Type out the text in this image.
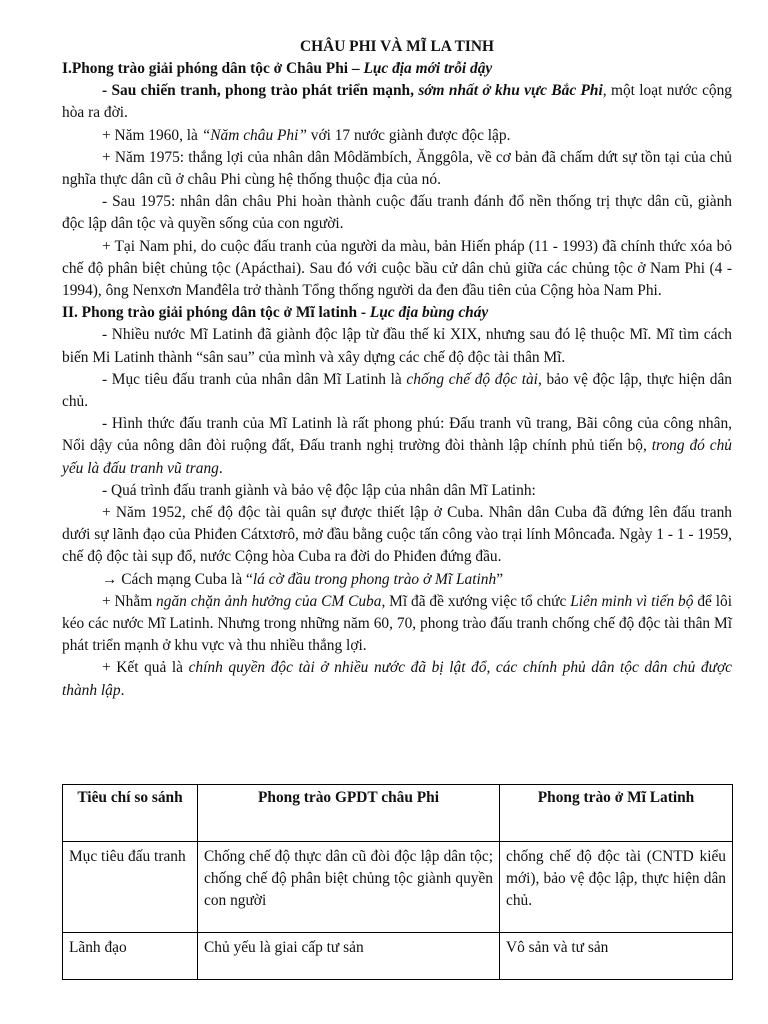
CHÂU PHI VÀ MĨ LA TINH

I.Phong trào giải phóng dân tộc ở Châu Phi – Lục địa mới trỗi dậy

- Sau chiến tranh, phong trào phát triển mạnh, sớm nhất ở khu vực Bắc Phi, một loạt nước cộng hòa ra đời.

+ Năm 1960, là “Năm châu Phi” với 17 nước giành được độc lập.

+ Năm 1975: thắng lợi của nhân dân Môdămbích, Ănggôla, về cơ bản đã chấm dứt sự tồn tại của chủ nghĩa thực dân cũ ở châu Phi cùng hệ thống thuộc địa của nó.

- Sau 1975: nhân dân châu Phi hoàn thành cuộc đấu tranh đánh đổ nền thống trị thực dân cũ, giành độc lập dân tộc và quyền sống của con người.

+ Tại Nam phi, do cuộc đấu tranh của người da màu, bản Hiến pháp (11 - 1993) đã chính thức xóa bỏ chế độ phân biệt chủng tộc (Apácthai). Sau đó với cuộc bầu cử dân chủ giữa các chủng tộc ở Nam Phi (4 - 1994), ông Nenxơn Manđêla trở thành Tổng thống người da đen đầu tiên của Cộng hòa Nam Phi.

II. Phong trào giải phóng dân tộc ở Mĩ latinh - Lục địa bùng cháy

- Nhiều nước Mĩ Latinh đã giành độc lập từ đầu thế kỉ XIX, nhưng sau đó lệ thuộc Mĩ. Mĩ tìm cách biến Mi Latinh thành “sân sau” của mình và xây dựng các chế độ độc tài thân Mĩ.

- Mục tiêu đấu tranh của nhân dân Mĩ Latinh là chống chế độ độc tài, bảo vệ độc lập, thực hiện dân chủ.

- Hình thức đấu tranh của Mĩ Latinh là rất phong phú: Đấu tranh vũ trang, Bãi công của công nhân, Nổi dậy của nông dân đòi ruộng đất, Đấu tranh nghị trường đòi thành lập chính phủ tiến bộ, trong đó chủ yếu là đấu tranh vũ trang.

- Quá trình đấu tranh giành và bảo vệ độc lập của nhân dân Mĩ Latinh:

+ Năm 1952, chế độ độc tài quân sự được thiết lập ở Cuba. Nhân dân Cuba đã đứng lên đấu tranh dưới sự lãnh đạo của Phiđen Cátxtơrô, mở đầu bằng cuộc tấn công vào trại lính Môncađa. Ngày 1 - 1 - 1959, chế độ độc tài sụp đổ, nước Cộng hòa Cuba ra đời do Phiđen đứng đầu.

→ Cách mạng Cuba là “lá cờ đầu trong phong trào ở Mĩ Latinh”

+ Nhằm ngăn chặn ảnh hưởng của CM Cuba, Mĩ đã đề xướng việc tổ chức Liên minh vì tiến bộ để lôi kéo các nước Mĩ Latinh. Nhưng trong những năm 60, 70, phong trào đấu tranh chống chế độ độc tài thân Mĩ phát triển mạnh ở khu vực và thu nhiều thắng lợi.

+ Kết quả là chính quyền độc tài ở nhiều nước đã bị lật đổ, các chính phủ dân tộc dân chủ được thành lập.

Tiêu chí so sánh	Phong trào GPDT châu Phi	Phong trào ở Mĩ Latinh
Mục tiêu đấu tranh	Chống chế độ thực dân cũ đòi độc lập dân tộc; chống chế độ phân biệt chủng tộc giành quyền con người	chống chế độ độc tài (CNTD kiểu mới), bảo vệ độc lập, thực hiện dân chủ.
Lãnh đạo	Chủ yếu là giai cấp tư sản	Vô sản và tư sản
